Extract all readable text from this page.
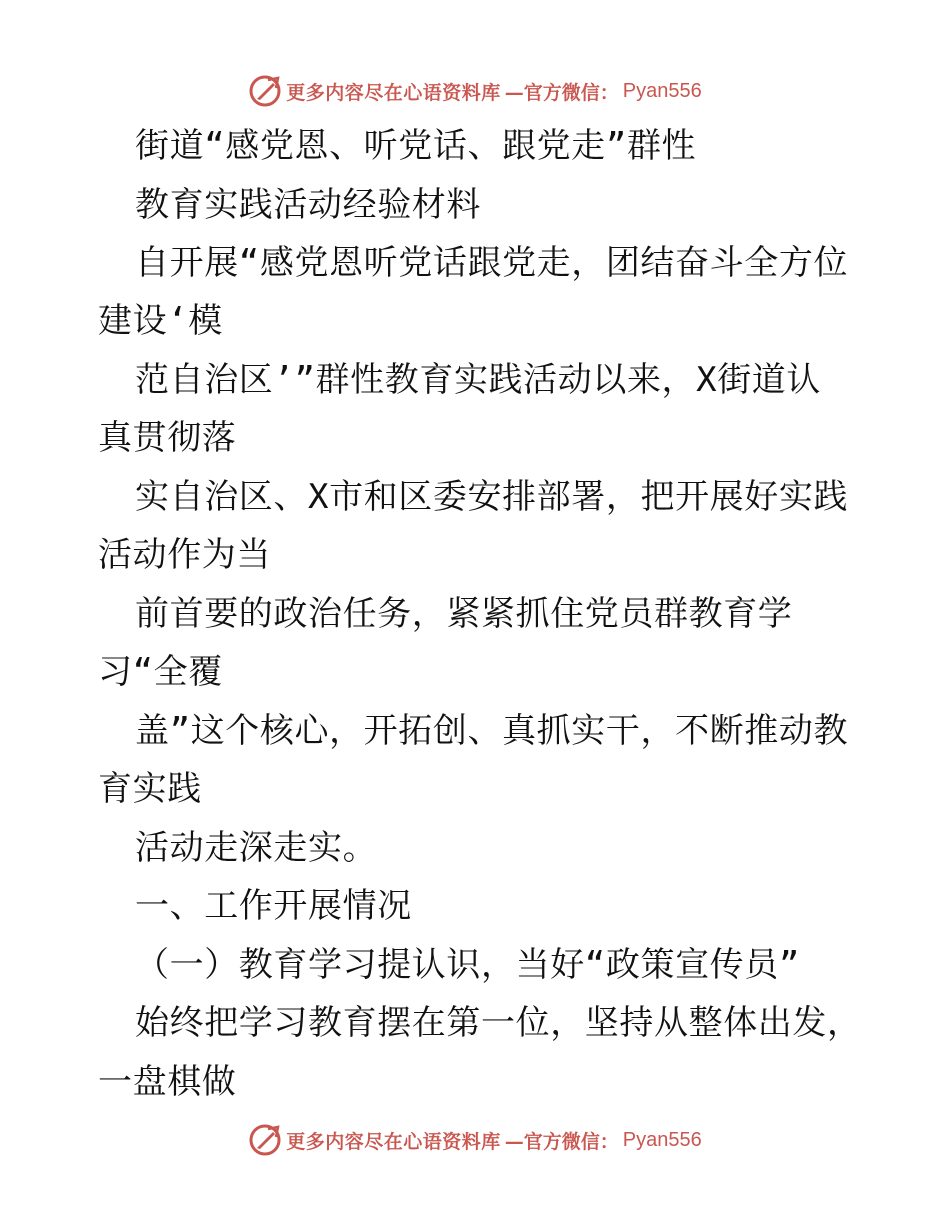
更多内容尽在心语资料库 —官方微信： Pyan556
街道“感党恩、听党话、跟党走”群性
教育实践活动经验材料
自开展“感党恩听党话跟党走，团结奋斗全方位
建设‘模
范自治区’”群性教育实践活动以来，X街道认
真贯彻落
实自治区、X市和区委安排部署，把开展好实践
活动作为当
前首要的政治任务，紧紧抓住党员群教育学
习“全覆
盖”这个核心，开拓创、真抓实干，不断推动教
育实践
活动走深走实。
一、工作开展情况
（一）教育学习提认识，当好“政策宣传员”
始终把学习教育摆在第一位，坚持从整体出发，
一盘棋做
更多内容尽在心语资料库 —官方微信： Pyan556
